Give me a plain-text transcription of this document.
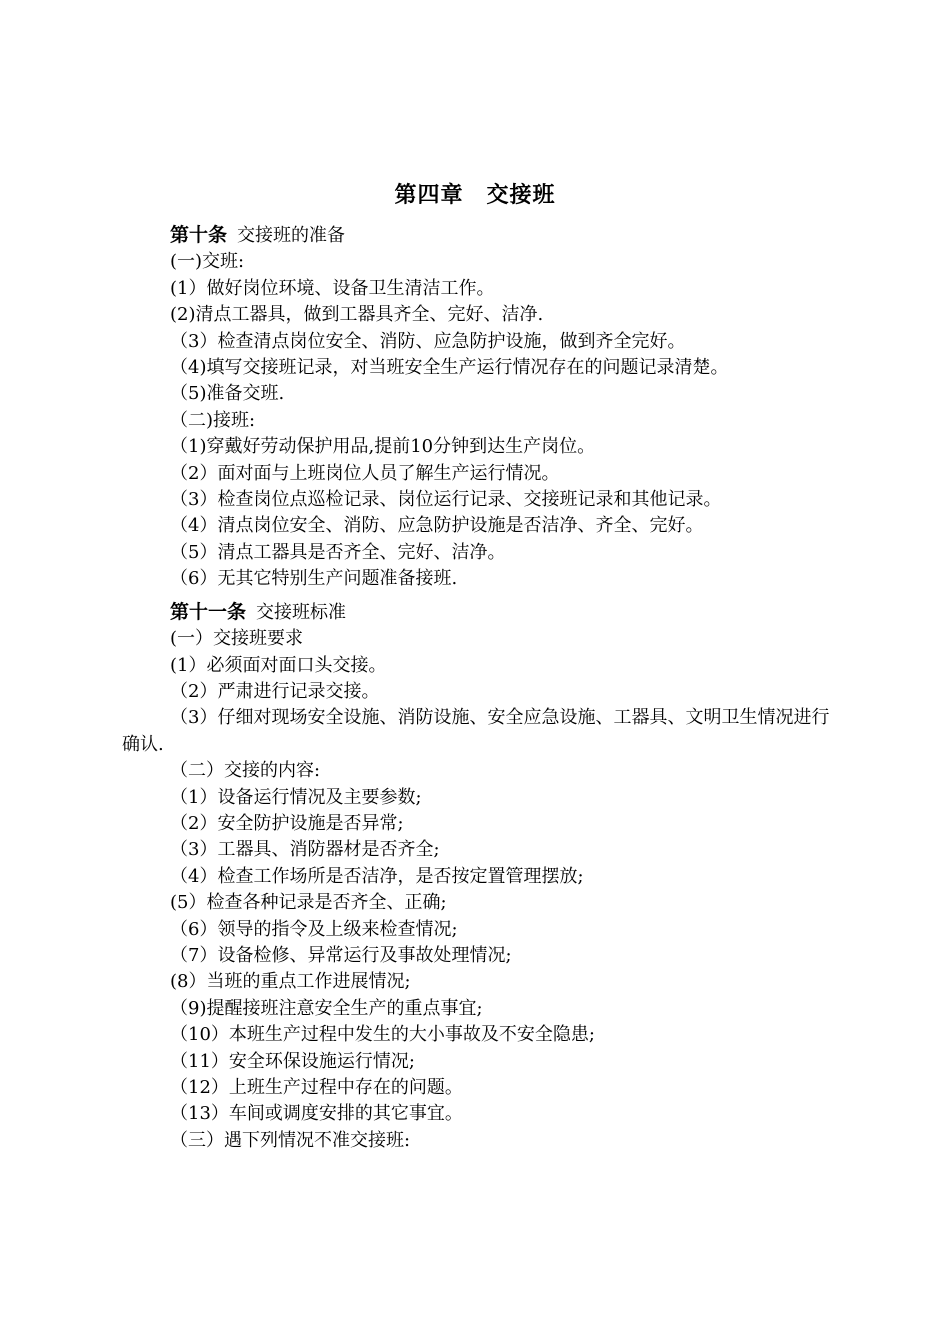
第四章　交接班
第十条 交接班的准备
(一)交班:
(1）做好岗位环境、设备卫生清洁工作。
(2)清点工器具，做到工器具齐全、完好、洁净.
（3）检查清点岗位安全、消防、应急防护设施，做到齐全完好。
（4)填写交接班记录，对当班安全生产运行情况存在的问题记录清楚。
（5)准备交班.
（二)接班:
（1)穿戴好劳动保护用品,提前10分钟到达生产岗位。
（2）面对面与上班岗位人员了解生产运行情况。
（3）检查岗位点巡检记录、岗位运行记录、交接班记录和其他记录。
（4）清点岗位安全、消防、应急防护设施是否洁净、齐全、完好。
（5）清点工器具是否齐全、完好、洁净。
（6）无其它特别生产问题准备接班.
第十一条 交接班标准
(一）交接班要求
(1）必须面对面口头交接。
（2）严肃进行记录交接。
（3）仔细对现场安全设施、消防设施、安全应急设施、工器具、文明卫生情况进行确认.
（二）交接的内容:
（1）设备运行情况及主要参数;
（2）安全防护设施是否异常;
（3）工器具、消防器材是否齐全;
（4）检查工作场所是否洁净，是否按定置管理摆放;
(5）检查各种记录是否齐全、正确;
（6）领导的指令及上级来检查情况;
（7）设备检修、异常运行及事故处理情况;
(8）当班的重点工作进展情况;
（9)提醒接班注意安全生产的重点事宜;
（10）本班生产过程中发生的大小事故及不安全隐患;
（11）安全环保设施运行情况;
（12）上班生产过程中存在的问题。
（13）车间或调度安排的其它事宜。
（三）遇下列情况不准交接班:
